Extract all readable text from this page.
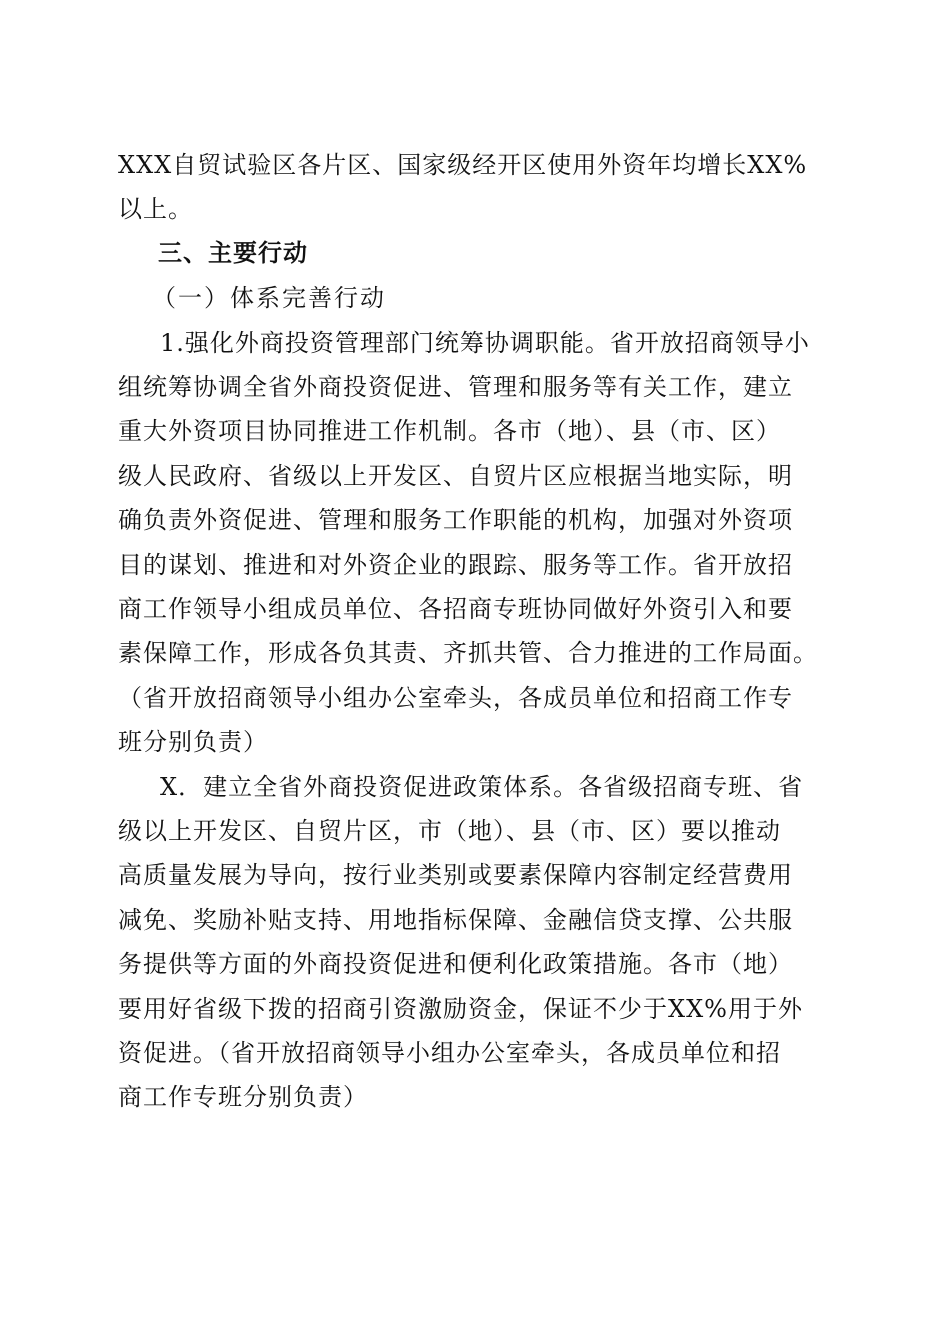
XXX自贸试验区各片区、国家级经开区使用外资年均增长XX%
以上。
三、主要行动
（一）体系完善行动
1.强化外商投资管理部门统筹协调职能。省开放招商领导小
组统筹协调全省外商投资促进、管理和服务等有关工作，建立
重大外资项目协同推进工作机制。各市（地）、县（市、区）
级人民政府、省级以上开发区、自贸片区应根据当地实际，明
确负责外资促进、管理和服务工作职能的机构，加强对外资项
目的谋划、推进和对外资企业的跟踪、服务等工作。省开放招
商工作领导小组成员单位、各招商专班协同做好外资引入和要
素保障工作，形成各负其责、齐抓共管、合力推进的工作局面。
（省开放招商领导小组办公室牵头，各成员单位和招商工作专
班分别负责）
X．建立全省外商投资促进政策体系。各省级招商专班、省
级以上开发区、自贸片区，市（地）、县（市、区）要以推动
高质量发展为导向，按行业类别或要素保障内容制定经营费用
减免、奖励补贴支持、用地指标保障、金融信贷支撑、公共服
务提供等方面的外商投资促进和便利化政策措施。各市（地）
要用好省级下拨的招商引资激励资金，保证不少于XX%用于外
资促进。（省开放招商领导小组办公室牵头，各成员单位和招
商工作专班分别负责）
